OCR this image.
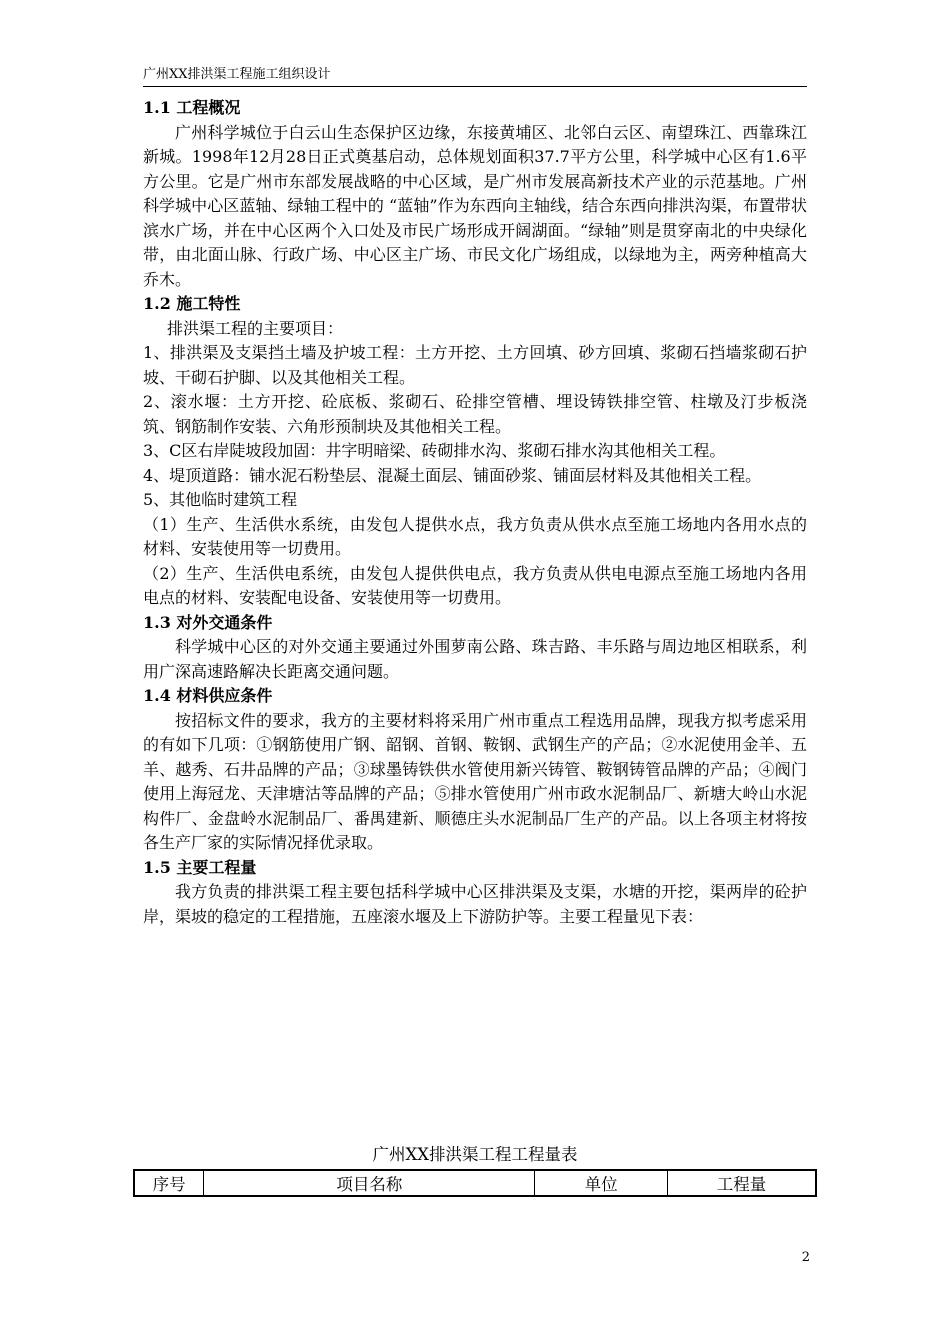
广州XX排洪渠工程施工组织设计

1.1 工程概况

广州科学城位于白云山生态保护区边缘，东接黄埔区、北邻白云区、南望珠江、西靠珠江新城。1998年12月28日正式奠基启动，总体规划面积37.7平方公里，科学城中心区有1.6平方公里。它是广州市东部发展战略的中心区域，是广州市发展高新技术产业的示范基地。广州科学城中心区蓝轴、绿轴工程中的 “蓝轴”作为东西向主轴线，结合东西向排洪沟渠，布置带状滨水广场，并在中心区两个入口处及市民广场形成开阔湖面。“绿轴”则是贯穿南北的中央绿化带，由北面山脉、行政广场、中心区主广场、市民文化广场组成，以绿地为主，两旁种植高大乔木。

1.2 施工特性

排洪渠工程的主要项目：

1、排洪渠及支渠挡土墙及护坡工程：土方开挖、土方回填、砂方回填、浆砌石挡墙浆砌石护坡、干砌石护脚、以及其他相关工程。

2、滚水堰：土方开挖、砼底板、浆砌石、砼排空管槽、埋设铸铁排空管、柱墩及汀步板浇筑、钢筋制作安装、六角形预制块及其他相关工程。

3、C区右岸陡坡段加固：井字明暗梁、砖砌排水沟、浆砌石排水沟其他相关工程。

4、堤顶道路：铺水泥石粉垫层、混凝土面层、铺面砂浆、铺面层材料及其他相关工程。

5、其他临时建筑工程

（1）生产、生活供水系统，由发包人提供水点，我方负责从供水点至施工场地内各用水点的材料、安装使用等一切费用。

（2）生产、生活供电系统，由发包人提供供电点，我方负责从供电电源点至施工场地内各用电点的材料、安装配电设备、安装使用等一切费用。

1.3 对外交通条件

科学城中心区的对外交通主要通过外围萝南公路、珠吉路、丰乐路与周边地区相联系，利用广深高速路解决长距离交通问题。

1.4 材料供应条件

按招标文件的要求，我方的主要材料将采用广州市重点工程选用品牌，现我方拟考虑采用的有如下几项：①钢筋使用广钢、韶钢、首钢、鞍钢、武钢生产的产品；②水泥使用金羊、五羊、越秀、石井品牌的产品；③球墨铸铁供水管使用新兴铸管、鞍钢铸管品牌的产品；④阀门使用上海冠龙、天津塘沽等品牌的产品；⑤排水管使用广州市政水泥制品厂、新塘大岭山水泥构件厂、金盘岭水泥制品厂、番禺建新、顺德庄头水泥制品厂生产的产品。以上各项主材将按各生产厂家的实际情况择优录取。

1.5 主要工程量

我方负责的排洪渠工程主要包括科学城中心区排洪渠及支渠，水塘的开挖，渠两岸的砼护岸，渠坡的稳定的工程措施，五座滚水堰及上下游防护等。主要工程量见下表：

广州XX排洪渠工程工程量表
序号	项目名称	单位	工程量
2
